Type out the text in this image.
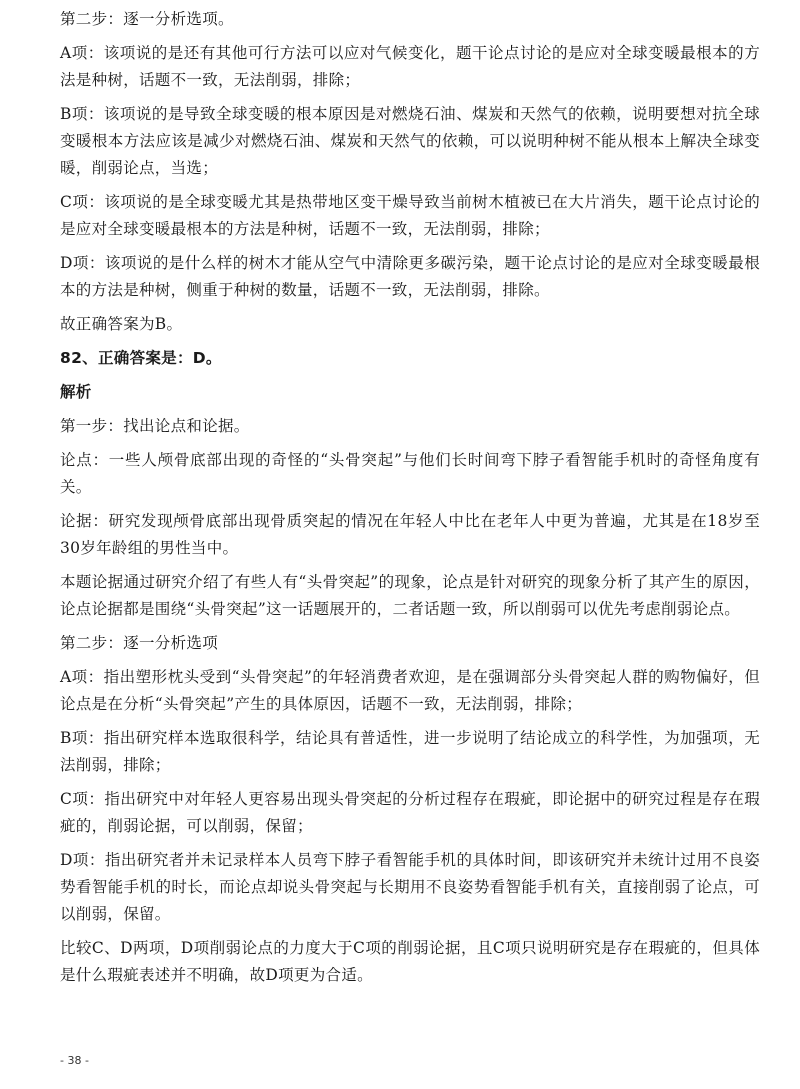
第二步：逐一分析选项。

A项：该项说的是还有其他可行方法可以应对气候变化，题干论点讨论的是应对全球变暖最根本的方法是种树，话题不一致，无法削弱，排除；

B项：该项说的是导致全球变暖的根本原因是对燃烧石油、煤炭和天然气的依赖，说明要想对抗全球变暖根本方法应该是减少对燃烧石油、煤炭和天然气的依赖，可以说明种树不能从根本上解决全球变暖，削弱论点，当选；

C项：该项说的是全球变暖尤其是热带地区变干燥导致当前树木植被已在大片消失，题干论点讨论的是应对全球变暖最根本的方法是种树，话题不一致，无法削弱，排除；

D项：该项说的是什么样的树木才能从空气中清除更多碳污染，题干论点讨论的是应对全球变暖最根本的方法是种树，侧重于种树的数量，话题不一致，无法削弱，排除。

故正确答案为B。

82、正确答案是：D。

解析

第一步：找出论点和论据。

论点：一些人颅骨底部出现的奇怪的“头骨突起”与他们长时间弯下脖子看智能手机时的奇怪角度有关。

论据：研究发现颅骨底部出现骨质突起的情况在年轻人中比在老年人中更为普遍，尤其是在18岁至30岁年龄组的男性当中。

本题论据通过研究介绍了有些人有“头骨突起”的现象，论点是针对研究的现象分析了其产生的原因，论点论据都是围绕“头骨突起”这一话题展开的，二者话题一致，所以削弱可以优先考虑削弱论点。

第二步：逐一分析选项

A项：指出塑形枕头受到“头骨突起”的年轻消费者欢迎，是在强调部分头骨突起人群的购物偏好，但论点是在分析“头骨突起”产生的具体原因，话题不一致，无法削弱，排除；

B项：指出研究样本选取很科学，结论具有普适性，进一步说明了结论成立的科学性，为加强项，无法削弱，排除；

C项：指出研究中对年轻人更容易出现头骨突起的分析过程存在瑕疵，即论据中的研究过程是存在瑕疵的，削弱论据，可以削弱，保留；

D项：指出研究者并未记录样本人员弯下脖子看智能手机的具体时间，即该研究并未统计过用不良姿势看智能手机的时长，而论点却说头骨突起与长期用不良姿势看智能手机有关，直接削弱了论点，可以削弱，保留。

比较C、D两项，D项削弱论点的力度大于C项的削弱论据，且C项只说明研究是存在瑕疵的，但具体是什么瑕疵表述并不明确，故D项更为合适。

- 38 -
